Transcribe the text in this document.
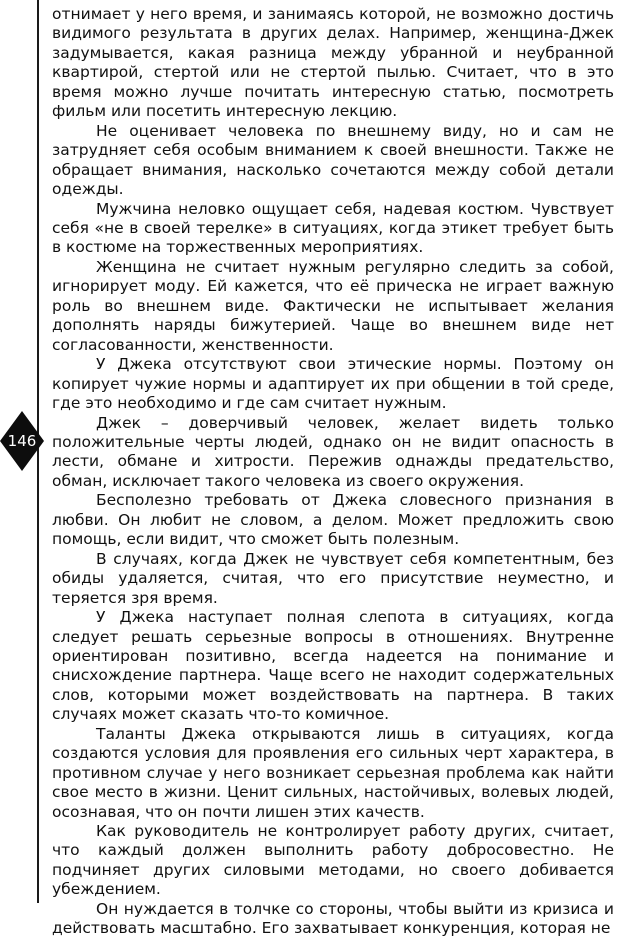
146

отнимает у него время, и занимаясь которой, не возможно достичь видимого результата в других делах. Например, женщина-Джек задумывается, какая разница между убранной и неубранной квартирой, стертой или не стертой пылью. Считает, что в это время можно лучше почитать интересную статью, посмотреть фильм или посетить интересную лекцию.

Не оценивает человека по внешнему виду, но и сам не затрудняет себя особым вниманием к своей внешности. Также не обращает внимания, насколько сочетаются между собой детали одежды.

Мужчина неловко ощущает себя, надевая костюм. Чувствует себя «не в своей терелке» в ситуациях, когда этикет требует быть в костюме на торжественных мероприятиях.

Женщина не считает нужным регулярно следить за собой, игнорирует моду. Ей кажется, что её прическа не играет важную роль во внешнем виде. Фактически не испытывает желания дополнять наряды бижутерией. Чаще во внешнем виде нет согласованности, женственности.

У Джека отсутствуют свои этические нормы. Поэтому он копирует чужие нормы и адаптирует их при общении в той среде, где это необходимо и где сам считает нужным.

Джек – доверчивый человек, желает видеть только положительные черты людей, однако он не видит опасность в лести, обмане и хитрости. Пережив однажды предательство, обман, исключает такого человека из своего окружения.

Бесполезно требовать от Джека словесного признания в любви. Он любит не словом, а делом. Может предложить свою помощь, если видит, что сможет быть полезным.

В случаях, когда Джек не чувствует себя компетентным, без обиды удаляется, считая, что его присутствие неуместно, и теряется зря время.

У Джека наступает полная слепота в ситуациях, когда следует решать серьезные вопросы в отношениях. Внутренне ориентирован позитивно, всегда надеется на понимание и снисхождение партнера. Чаще всего не находит содержательных слов, которыми может воздействовать на партнера. В таких случаях может сказать что-то комичное.

Таланты Джека открываются лишь в ситуациях, когда создаются условия для проявления его сильных черт характера, в противном случае у него возникает серьезная проблема как найти свое место в жизни. Ценит сильных, настойчивых, волевых людей, осознавая, что он почти лишен этих качеств.

Как руководитель не контролирует работу других, считает, что каждый должен выполнить работу добросовестно. Не подчиняет других силовыми методами, но своего добивается убеждением.

Он нуждается в толчке со стороны, чтобы выйти из кризиса и действовать масштабно. Его захватывает конкуренция, которая не
